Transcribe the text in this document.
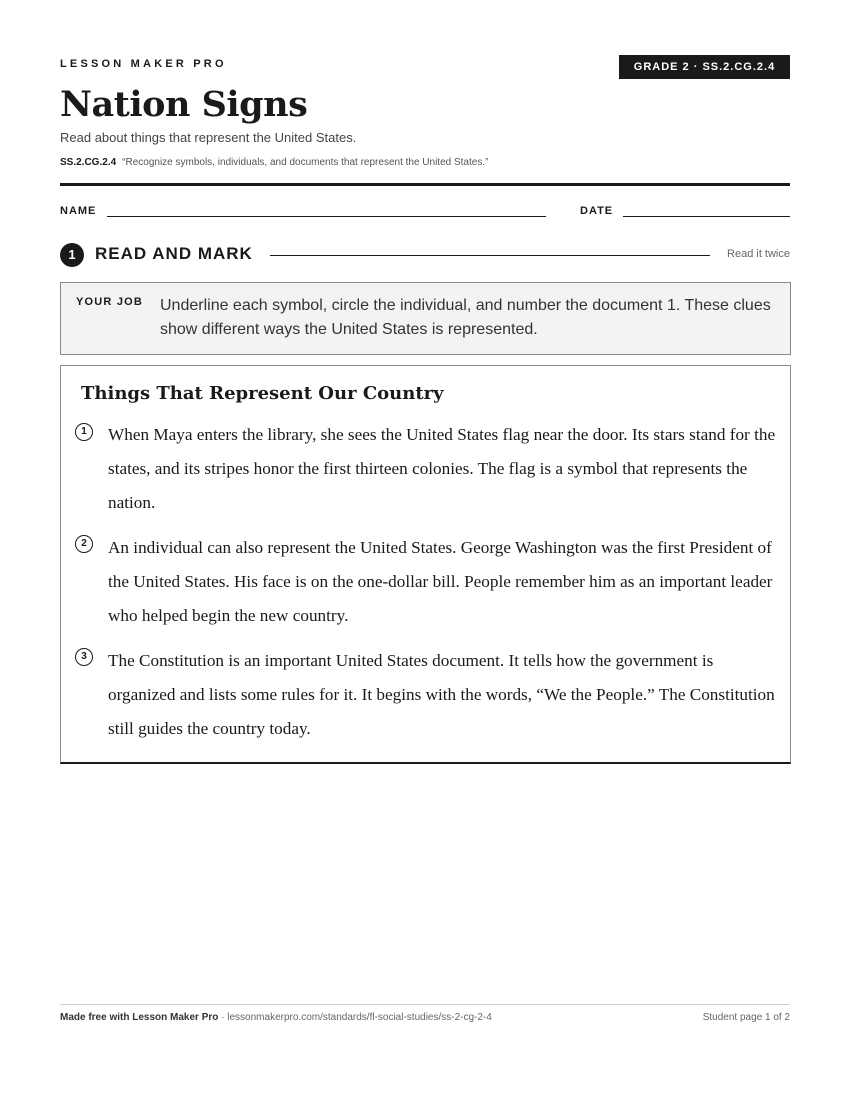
LESSON MAKER PRO	GRADE 2 · SS.2.CG.2.4
Nation Signs
Read about things that represent the United States.
SS.2.CG.2.4 “Recognize symbols, individuals, and documents that represent the United States.”
NAME	DATE
1	READ AND MARK	Read it twice
YOUR JOB Underline each symbol, circle the individual, and number the document 1. These clues show different ways the United States is represented.
Things That Represent Our Country
1	When Maya enters the library, she sees the United States flag near the door. Its stars stand for the states, and its stripes honor the first thirteen colonies. The flag is a symbol that represents the nation.
2	An individual can also represent the United States. George Washington was the first President of the United States. His face is on the one-dollar bill. People remember him as an important leader who helped begin the new country.
3	The Constitution is an important United States document. It tells how the government is organized and lists some rules for it. It begins with the words, “We the People.” The Constitution still guides the country today.
Made free with Lesson Maker Pro · lessonmakerpro.com/standards/fl-social-studies/ss-2-cg-2-4	Student page 1 of 2
